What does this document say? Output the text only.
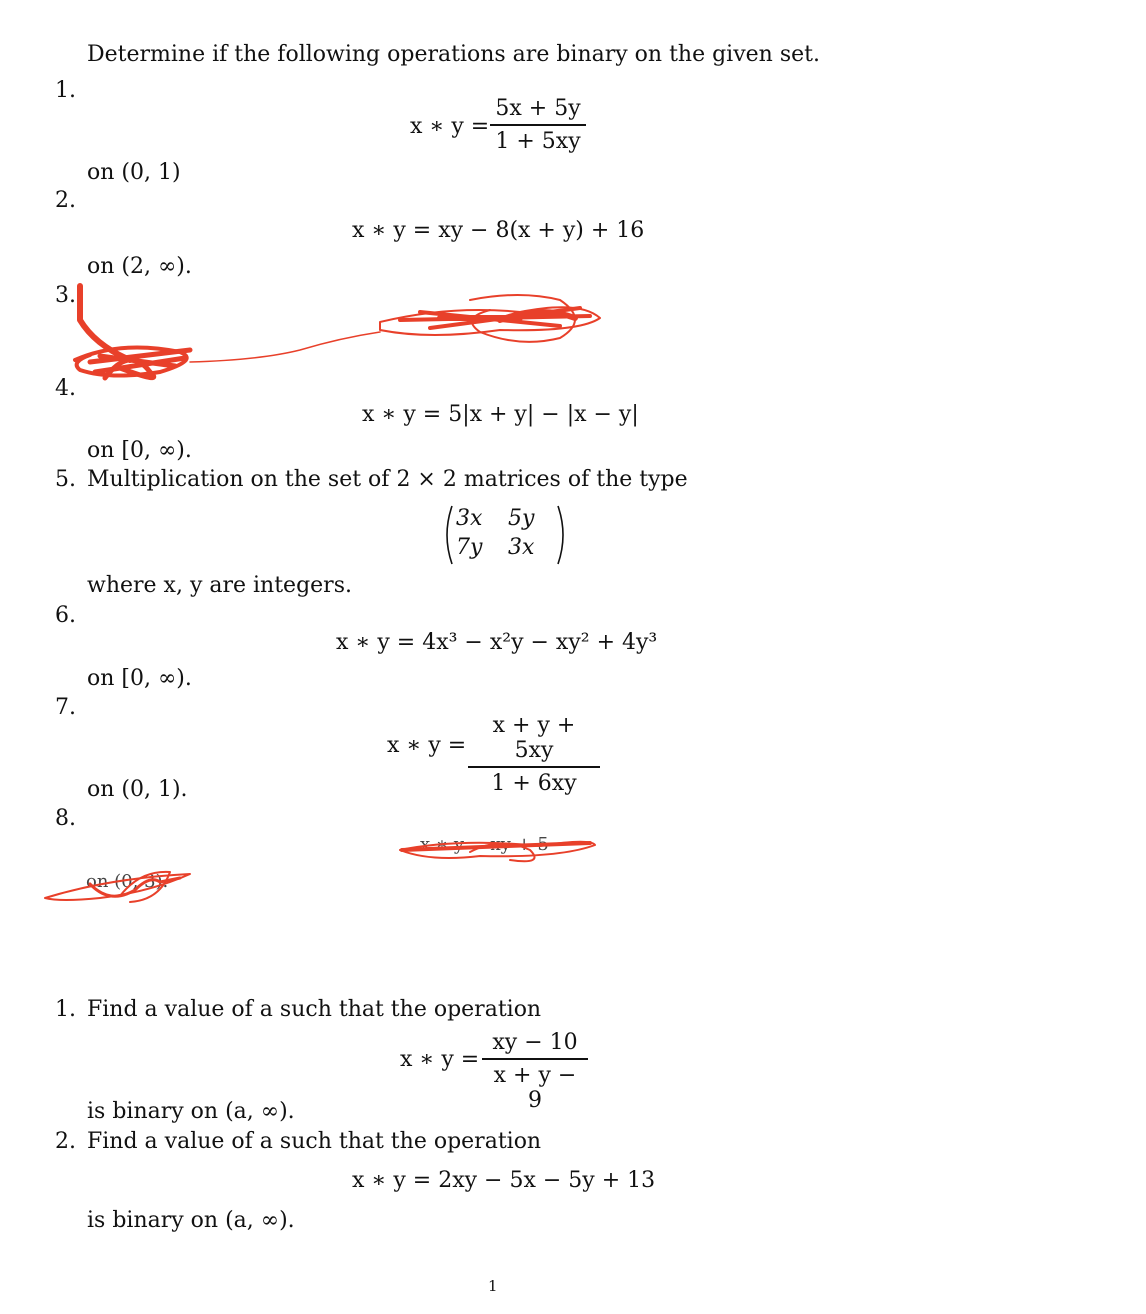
Determine if the following operations are binary on the given set.
1.
x ∗ y =
5x + 5y
1 + 5xy
on (0, 1)
2.
x ∗ y = xy − 8(x + y) + 16
on (2, ∞).
3.
4.
x ∗ y = 5|x + y| − |x − y|
on [0, ∞).
5. Multiplication on the set of 2 × 2 matrices of the type
3x 5y
7y 3x
where x, y are integers.
6.
x ∗ y = 4x³ − x²y − xy² + 4y³
on [0, ∞).
7.
x ∗ y =
x + y + 5xy
1 + 6xy
on (0, 1).
8.
x ∗ y = xy + 5
on (0, 3).
1. Find a value of a such that the operation
x ∗ y =
xy − 10
x + y − 9
is binary on (a, ∞).
2. Find a value of a such that the operation
x ∗ y = 2xy − 5x − 5y + 13
is binary on (a, ∞).
1
